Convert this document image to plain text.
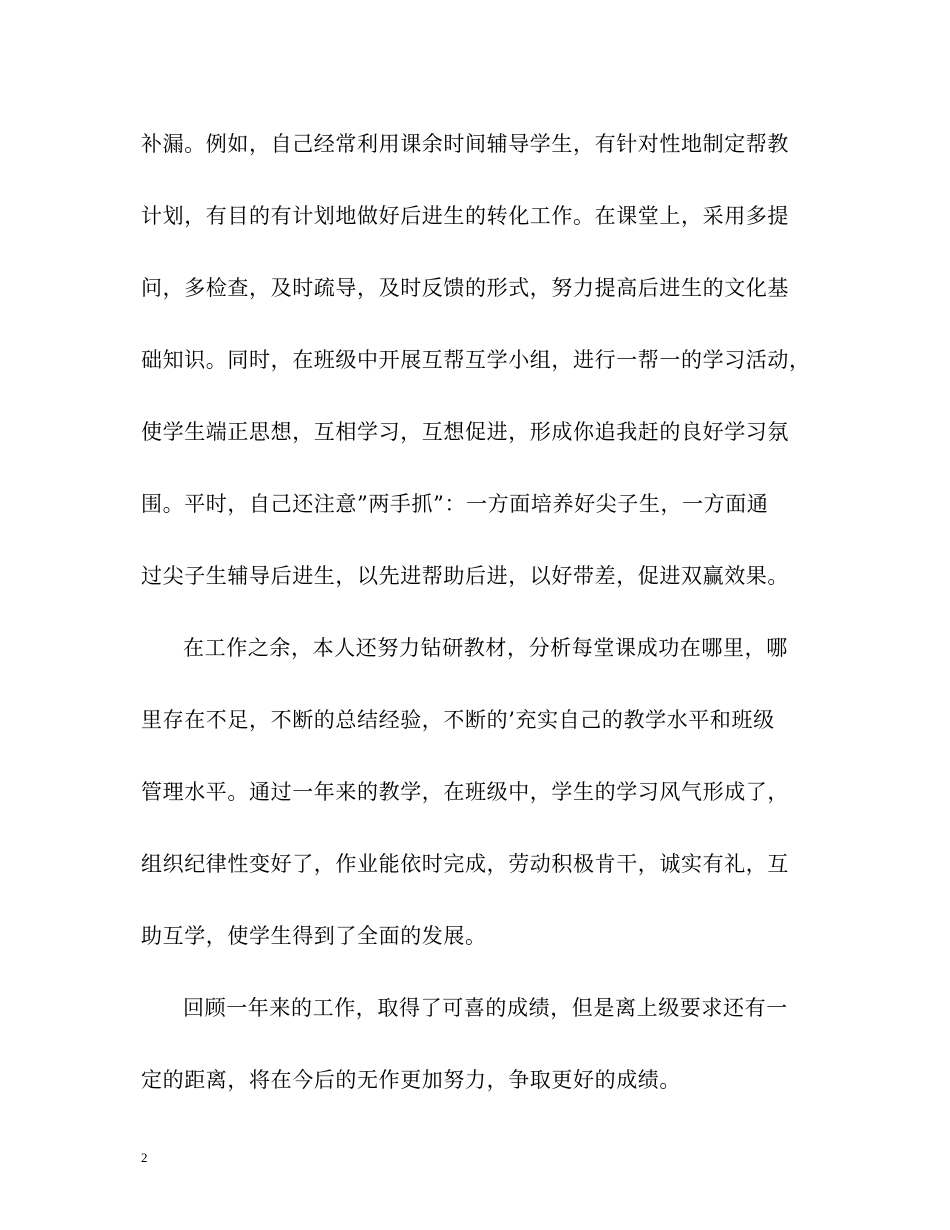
补漏。例如，自己经常利用课余时间辅导学生，有针对性地制定帮教
计划，有目的有计划地做好后进生的转化工作。在课堂上，采用多提
问，多检查，及时疏导，及时反馈的形式，努力提高后进生的文化基
础知识。同时，在班级中开展互帮互学小组，进行一帮一的学习活动，
使学生端正思想，互相学习，互想促进，形成你追我赶的良好学习氛
围。平时，自己还注意”两手抓”：一方面培养好尖子生，一方面通
过尖子生辅导后进生，以先进帮助后进，以好带差，促进双赢效果。
在工作之余，本人还努力钻研教材，分析每堂课成功在哪里，哪
里存在不足，不断的总结经验，不断的’充实自己的教学水平和班级
管理水平。通过一年来的教学，在班级中，学生的学习风气形成了，
组织纪律性变好了，作业能依时完成，劳动积极肯干，诚实有礼，互
助互学，使学生得到了全面的发展。
回顾一年来的工作，取得了可喜的成绩，但是离上级要求还有一
定的距离，将在今后的无作更加努力，争取更好的成绩。
2
